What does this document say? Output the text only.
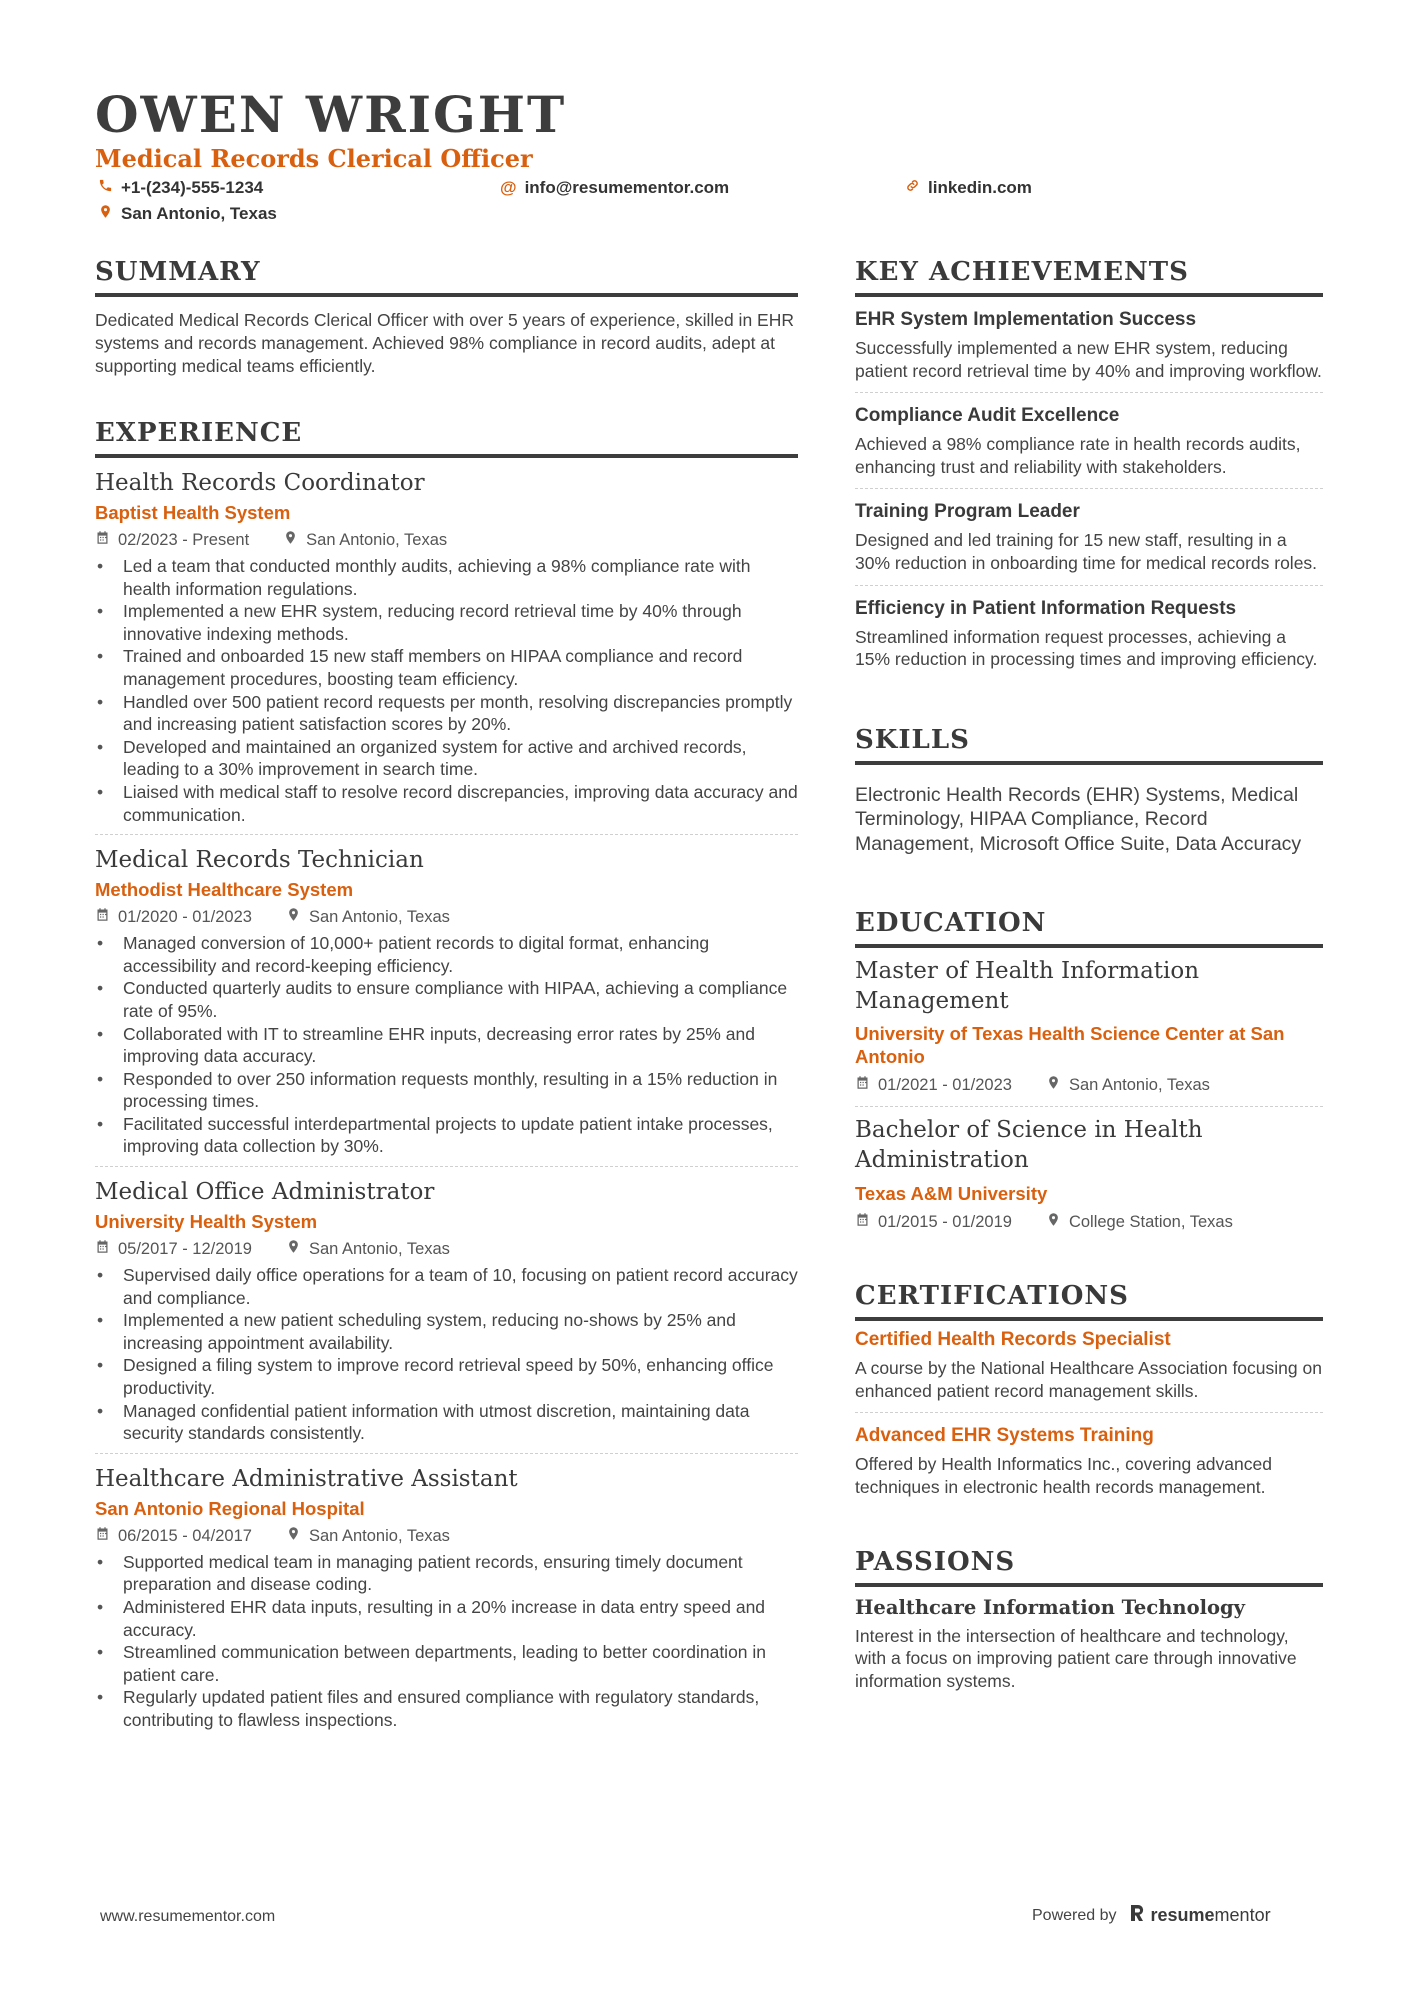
OWEN WRIGHT
Medical Records Clerical Officer
+1-(234)-555-1234	@ info@resumementor.com	linkedin.com
San Antonio, Texas
SUMMARY
Dedicated Medical Records Clerical Officer with over 5 years of experience, skilled in EHR systems and records management. Achieved 98% compliance in record audits, adept at supporting medical teams efficiently.
EXPERIENCE
Health Records Coordinator
Baptist Health System
02/2023 - Present	San Antonio, Texas
• Led a team that conducted monthly audits, achieving a 98% compliance rate with health information regulations.
• Implemented a new EHR system, reducing record retrieval time by 40% through innovative indexing methods.
• Trained and onboarded 15 new staff members on HIPAA compliance and record management procedures, boosting team efficiency.
• Handled over 500 patient record requests per month, resolving discrepancies promptly and increasing patient satisfaction scores by 20%.
• Developed and maintained an organized system for active and archived records, leading to a 30% improvement in search time.
• Liaised with medical staff to resolve record discrepancies, improving data accuracy and communication.
Medical Records Technician
Methodist Healthcare System
01/2020 - 01/2023	San Antonio, Texas
• Managed conversion of 10,000+ patient records to digital format, enhancing accessibility and record-keeping efficiency.
• Conducted quarterly audits to ensure compliance with HIPAA, achieving a compliance rate of 95%.
• Collaborated with IT to streamline EHR inputs, decreasing error rates by 25% and improving data accuracy.
• Responded to over 250 information requests monthly, resulting in a 15% reduction in processing times.
• Facilitated successful interdepartmental projects to update patient intake processes, improving data collection by 30%.
Medical Office Administrator
University Health System
05/2017 - 12/2019	San Antonio, Texas
• Supervised daily office operations for a team of 10, focusing on patient record accuracy and compliance.
• Implemented a new patient scheduling system, reducing no-shows by 25% and increasing appointment availability.
• Designed a filing system to improve record retrieval speed by 50%, enhancing office productivity.
• Managed confidential patient information with utmost discretion, maintaining data security standards consistently.
Healthcare Administrative Assistant
San Antonio Regional Hospital
06/2015 - 04/2017	San Antonio, Texas
• Supported medical team in managing patient records, ensuring timely document preparation and disease coding.
• Administered EHR data inputs, resulting in a 20% increase in data entry speed and accuracy.
• Streamlined communication between departments, leading to better coordination in patient care.
• Regularly updated patient files and ensured compliance with regulatory standards, contributing to flawless inspections.
KEY ACHIEVEMENTS
EHR System Implementation Success
Successfully implemented a new EHR system, reducing patient record retrieval time by 40% and improving workflow.
Compliance Audit Excellence
Achieved a 98% compliance rate in health records audits, enhancing trust and reliability with stakeholders.
Training Program Leader
Designed and led training for 15 new staff, resulting in a 30% reduction in onboarding time for medical records roles.
Efficiency in Patient Information Requests
Streamlined information request processes, achieving a 15% reduction in processing times and improving efficiency.
SKILLS
Electronic Health Records (EHR) Systems, Medical Terminology, HIPAA Compliance, Record Management, Microsoft Office Suite, Data Accuracy
EDUCATION
Master of Health Information Management
University of Texas Health Science Center at San Antonio
01/2021 - 01/2023	San Antonio, Texas
Bachelor of Science in Health Administration
Texas A&M University
01/2015 - 01/2019	College Station, Texas
CERTIFICATIONS
Certified Health Records Specialist
A course by the National Healthcare Association focusing on enhanced patient record management skills.
Advanced EHR Systems Training
Offered by Health Informatics Inc., covering advanced techniques in electronic health records management.
PASSIONS
Healthcare Information Technology
Interest in the intersection of healthcare and technology, with a focus on improving patient care through innovative information systems.
www.resumementor.com	Powered by resume mentor
